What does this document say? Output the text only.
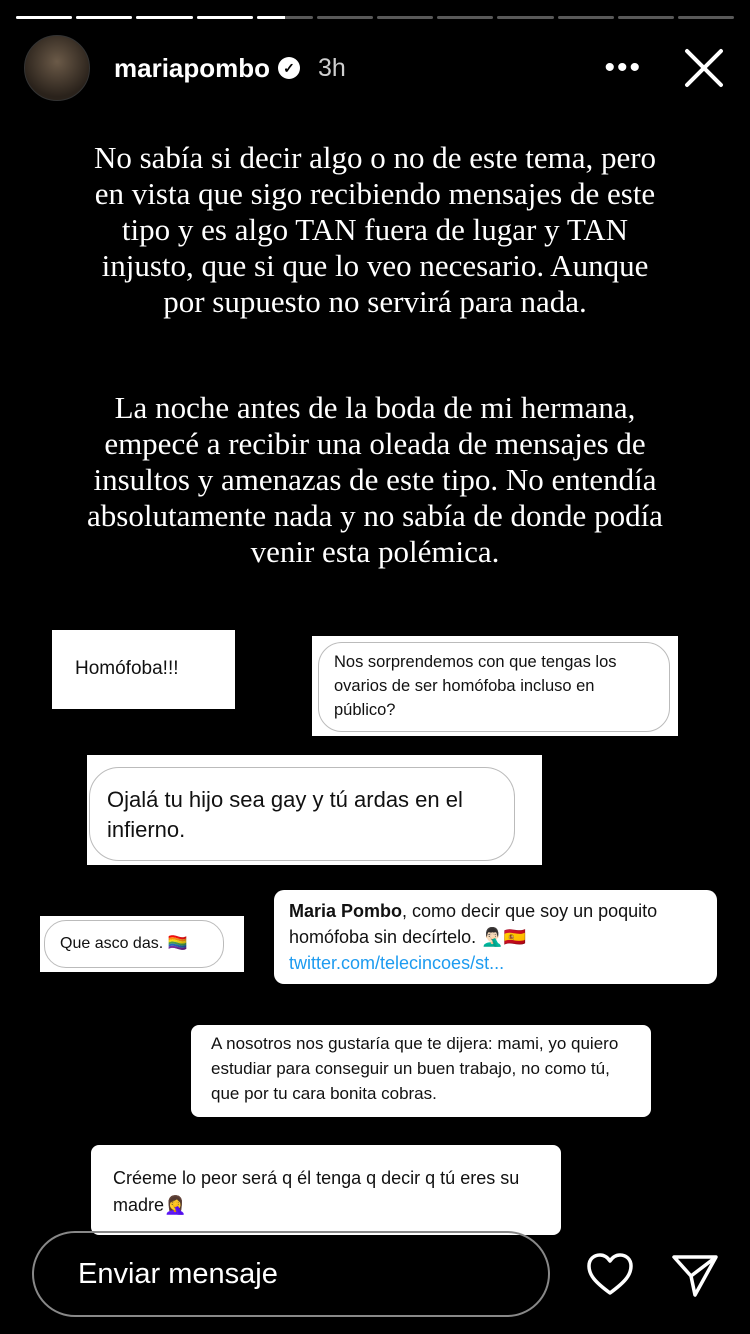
mariapombo ✓ 3h	•••
No sabía si decir algo o no de este tema, pero en vista que sigo recibiendo mensajes de este tipo y es algo TAN fuera de lugar y TAN injusto, que si que lo veo necesario. Aunque por supuesto no servirá para nada.
La noche antes de la boda de mi hermana, empecé a recibir una oleada de mensajes de insultos y amenazas de este tipo. No entendía absolutamente nada y no sabía de donde podía venir esta polémica.
Homófoba!!!	Nos sorprendemos con que tengas los ovarios de ser homófoba incluso en público?
Ojalá tu hijo sea gay y tú ardas en el infierno.
Que asco das. 🏳️‍🌈
Maria Pombo, como decir que soy un poquito homófoba sin decírtelo. 🤦🏻‍♂️🇪🇸 twitter.com/telecincoes/st...
A nosotros nos gustaría que te dijera: mami, yo quiero estudiar para conseguir un buen trabajo, no como tú, que por tu cara bonita cobras.
Créeme lo peor será q él tenga q decir q tú eres su madre🤦‍♀️
Enviar mensaje
